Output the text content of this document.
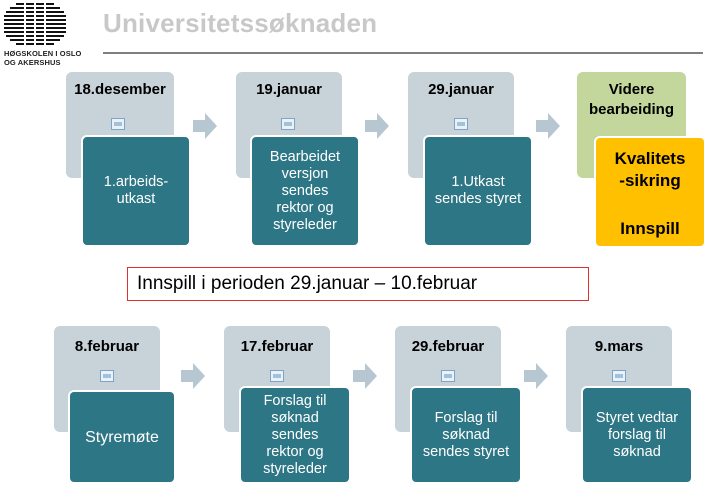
HØGSKOLEN I OSLO
OG AKERSHUS
Universitetssøknaden
18.desember
1.arbeids-
utkast
19.januar
Bearbeidet
versjon
sendes
rektor og
styreleder
29.januar
1.Utkast
sendes styret
Videre
bearbeiding
Kvalitets
-sikring
Innspill
Innspill i perioden 29.januar – 10.februar
8.februar
Styremøte
17.februar
Forslag til
søknad
sendes
rektor og
styreleder
29.februar
Forslag til
søknad
sendes styret
9.mars
Styret vedtar
forslag til
søknad
